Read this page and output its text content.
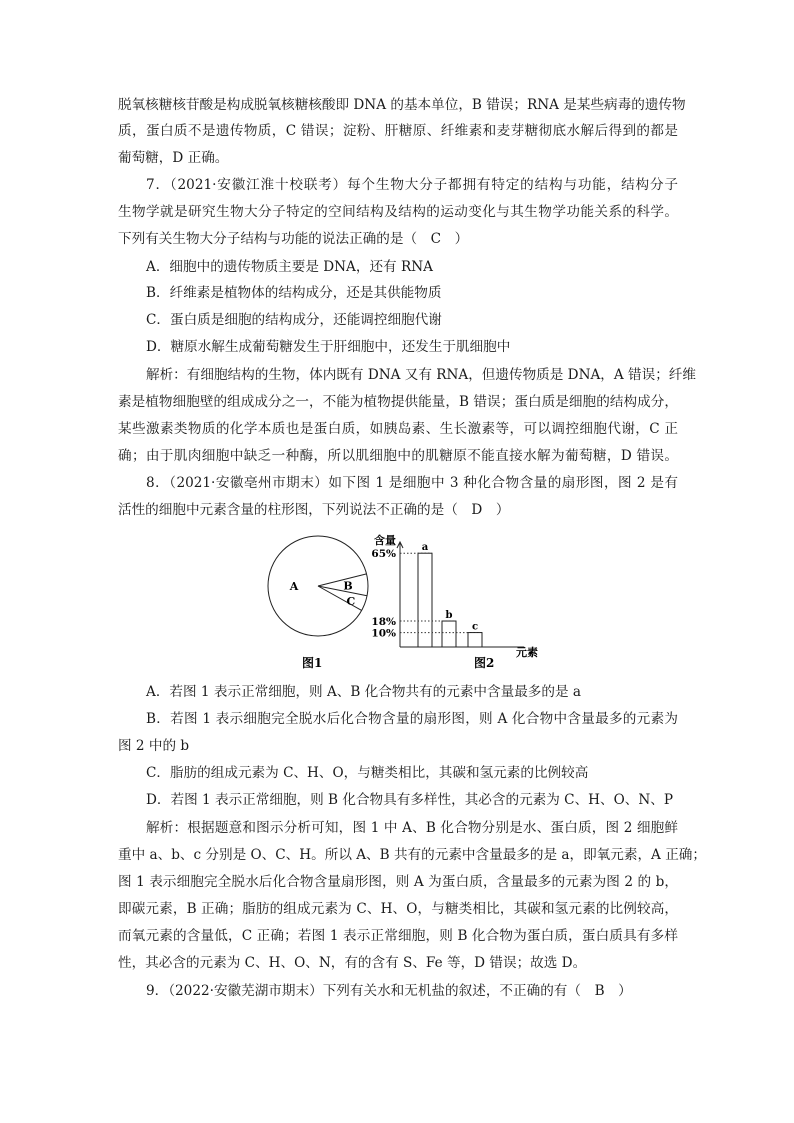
脱氧核糖核苷酸是构成脱氧核糖核酸即 DNA 的基本单位，B 错误；RNA 是某些病毒的遗传物
质，蛋白质不是遗传物质，C 错误；淀粉、肝糖原、纤维素和麦芽糖彻底水解后得到的都是
葡萄糖，D 正确。
7．（2021·安徽江淮十校联考）每个生物大分子都拥有特定的结构与功能，结构分子
生物学就是研究生物大分子特定的空间结构及结构的运动变化与其生物学功能关系的科学。
下列有关生物大分子结构与功能的说法正确的是（　C　）
A．细胞中的遗传物质主要是 DNA，还有 RNA
B．纤维素是植物体的结构成分，还是其供能物质
C．蛋白质是细胞的结构成分，还能调控细胞代谢
D．糖原水解生成葡萄糖发生于肝细胞中，还发生于肌细胞中
解析：有细胞结构的生物，体内既有 DNA 又有 RNA，但遗传物质是 DNA，A 错误；纤维
素是植物细胞壁的组成成分之一，不能为植物提供能量，B 错误；蛋白质是细胞的结构成分，
某些激素类物质的化学本质也是蛋白质，如胰岛素、生长激素等，可以调控细胞代谢，C 正
确；由于肌肉细胞中缺乏一种酶，所以肌细胞中的肌糖原不能直接水解为葡萄糖，D 错误。
8．（2021·安徽亳州市期末）如下图 1 是细胞中 3 种化合物含量的扇形图，图 2 是有
活性的细胞中元素含量的柱形图，下列说法不正确的是（　D　）
A．若图 1 表示正常细胞，则 A、B 化合物共有的元素中含量最多的是 a
B．若图 1 表示细胞完全脱水后化合物含量的扇形图，则 A 化合物中含量最多的元素为
图 2 中的 b
C．脂肪的组成元素为 C、H、O，与糖类相比，其碳和氢元素的比例较高
D．若图 1 表示正常细胞，则 B 化合物具有多样性，其必含的元素为 C、H、O、N、P
解析：根据题意和图示分析可知，图 1 中 A、B 化合物分别是水、蛋白质，图 2 细胞鲜
重中 a、b、c 分别是 O、C、H。所以 A、B 共有的元素中含量最多的是 a，即氧元素，A 正确；
图 1 表示细胞完全脱水后化合物含量扇形图，则 A 为蛋白质，含量最多的元素为图 2 的 b，
即碳元素，B 正确；脂肪的组成元素为 C、H、O，与糖类相比，其碳和氢元素的比例较高，
而氧元素的含量低，C 正确；若图 1 表示正常细胞，则 B 化合物为蛋白质，蛋白质具有多样
性，其必含的元素为 C、H、O、N，有的含有 S、Fe 等，D 错误；故选 D。
9．（2022·安徽芜湖市期末）下列有关水和无机盐的叙述，不正确的有（　B　）
A	B
C
含量
元素
65%
18%
10%
a
b
c
图1	图2
